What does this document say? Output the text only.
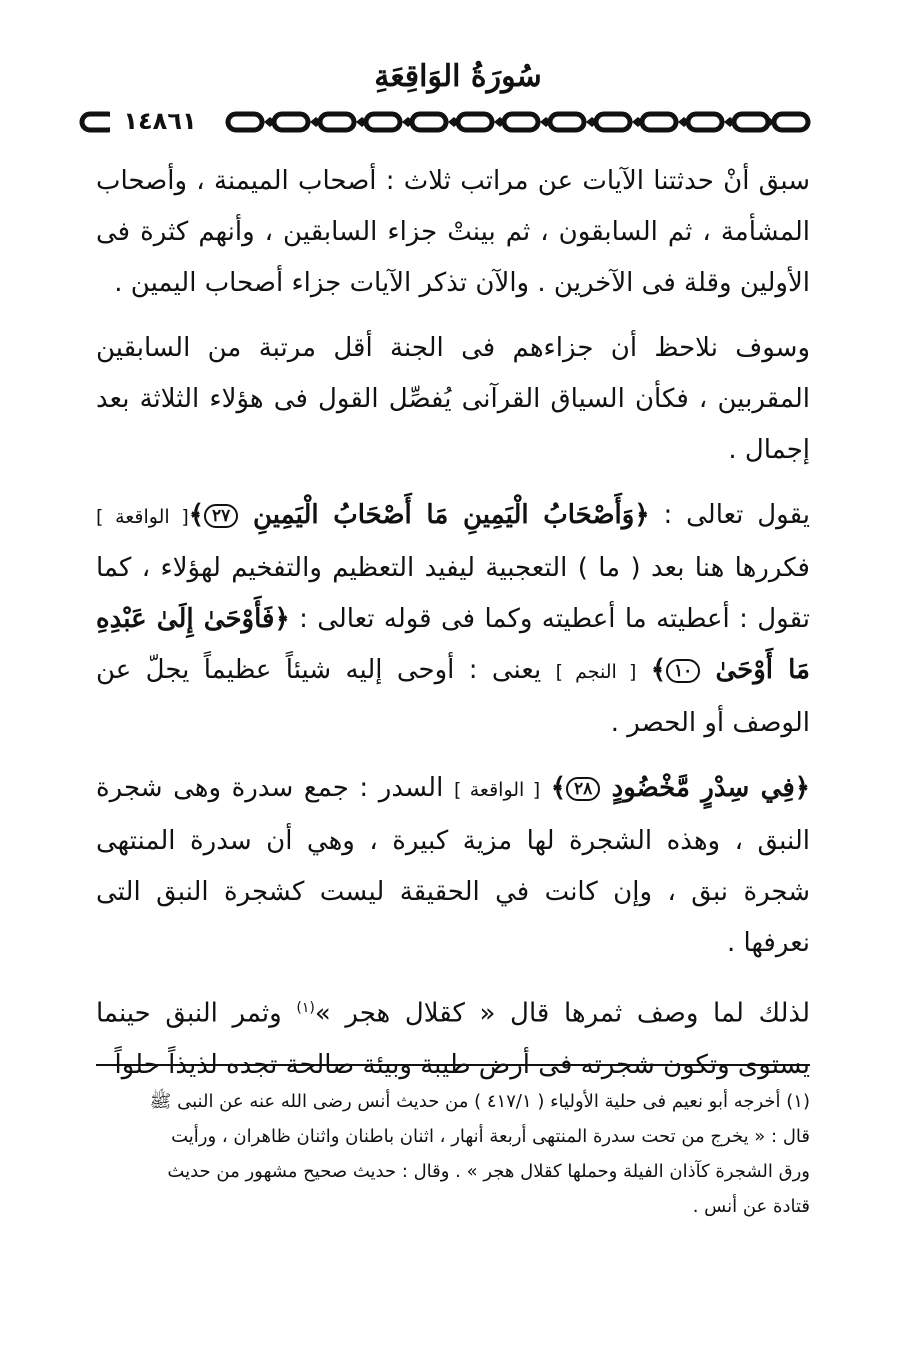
سُورَةُ الوَاقِعَةِ
١٤٨٦١

سبق أنْ حدثتنا الآيات عن مراتب ثلاث : أصحاب الميمنة ، وأصحاب المشأمة ، ثم السابقون ، ثم بينتْ جزاء السابقين ، وأنهم كثرة فى الأولين وقلة فى الآخرين . والآن تذكر الآيات جزاء أصحاب اليمين .

وسوف نلاحظ أن جزاءهم فى الجنة أقل مرتبة من السابقين المقربين ، فكأن السياق القرآنى يُفصِّل القول فى هؤلاء الثلاثة بعد إجمال .

يقول تعالى : ﴿وَأَصْحَابُ الْيَمِينِ مَا أَصْحَابُ الْيَمِينِ ٢٧﴾[ الواقعة ] فكررها هنا بعد ( ما ) التعجبية ليفيد التعظيم والتفخيم لهؤلاء ، كما تقول : أعطيته ما أعطيته وكما فى قوله تعالى : ﴿فَأَوْحَىٰ إِلَىٰ عَبْدِهِ مَا أَوْحَىٰ ١٠﴾ [ النجم ] يعنى : أوحى إليه شيئاً عظيماً يجلّ عن الوصف أو الحصر .

﴿فِي سِدْرٍ مَّخْضُودٍ ٢٨﴾ [ الواقعة ] السدر : جمع سدرة وهى شجرة النبق ، وهذه الشجرة لها مزية كبيرة ، وهي أن سدرة المنتهى شجرة نبق ، وإن كانت في الحقيقة ليست كشجرة النبق التى نعرفها .

لذلك لما وصف ثمرها قال « كقلال هجر »$^{(١)}$ وثمر النبق حينما يستوى وتكون شجرته فى أرض طيبة وبيئة صالحة تجده لذيذاً حلواً

(١) أخرجه أبو نعيم فى حلية الأولياء ( ٤١٧/١ ) من حديث أنس رضى الله عنه عن النبى ﷺ

قال : « يخرج من تحت سدرة المنتهى أربعة أنهار ، اثنان باطنان واثنان ظاهران ، ورأيت

ورق الشجرة كآذان الفيلة وحملها كقلال هجر » . وقال : حديث صحيح مشهور من حديث

قتادة عن أنس .
